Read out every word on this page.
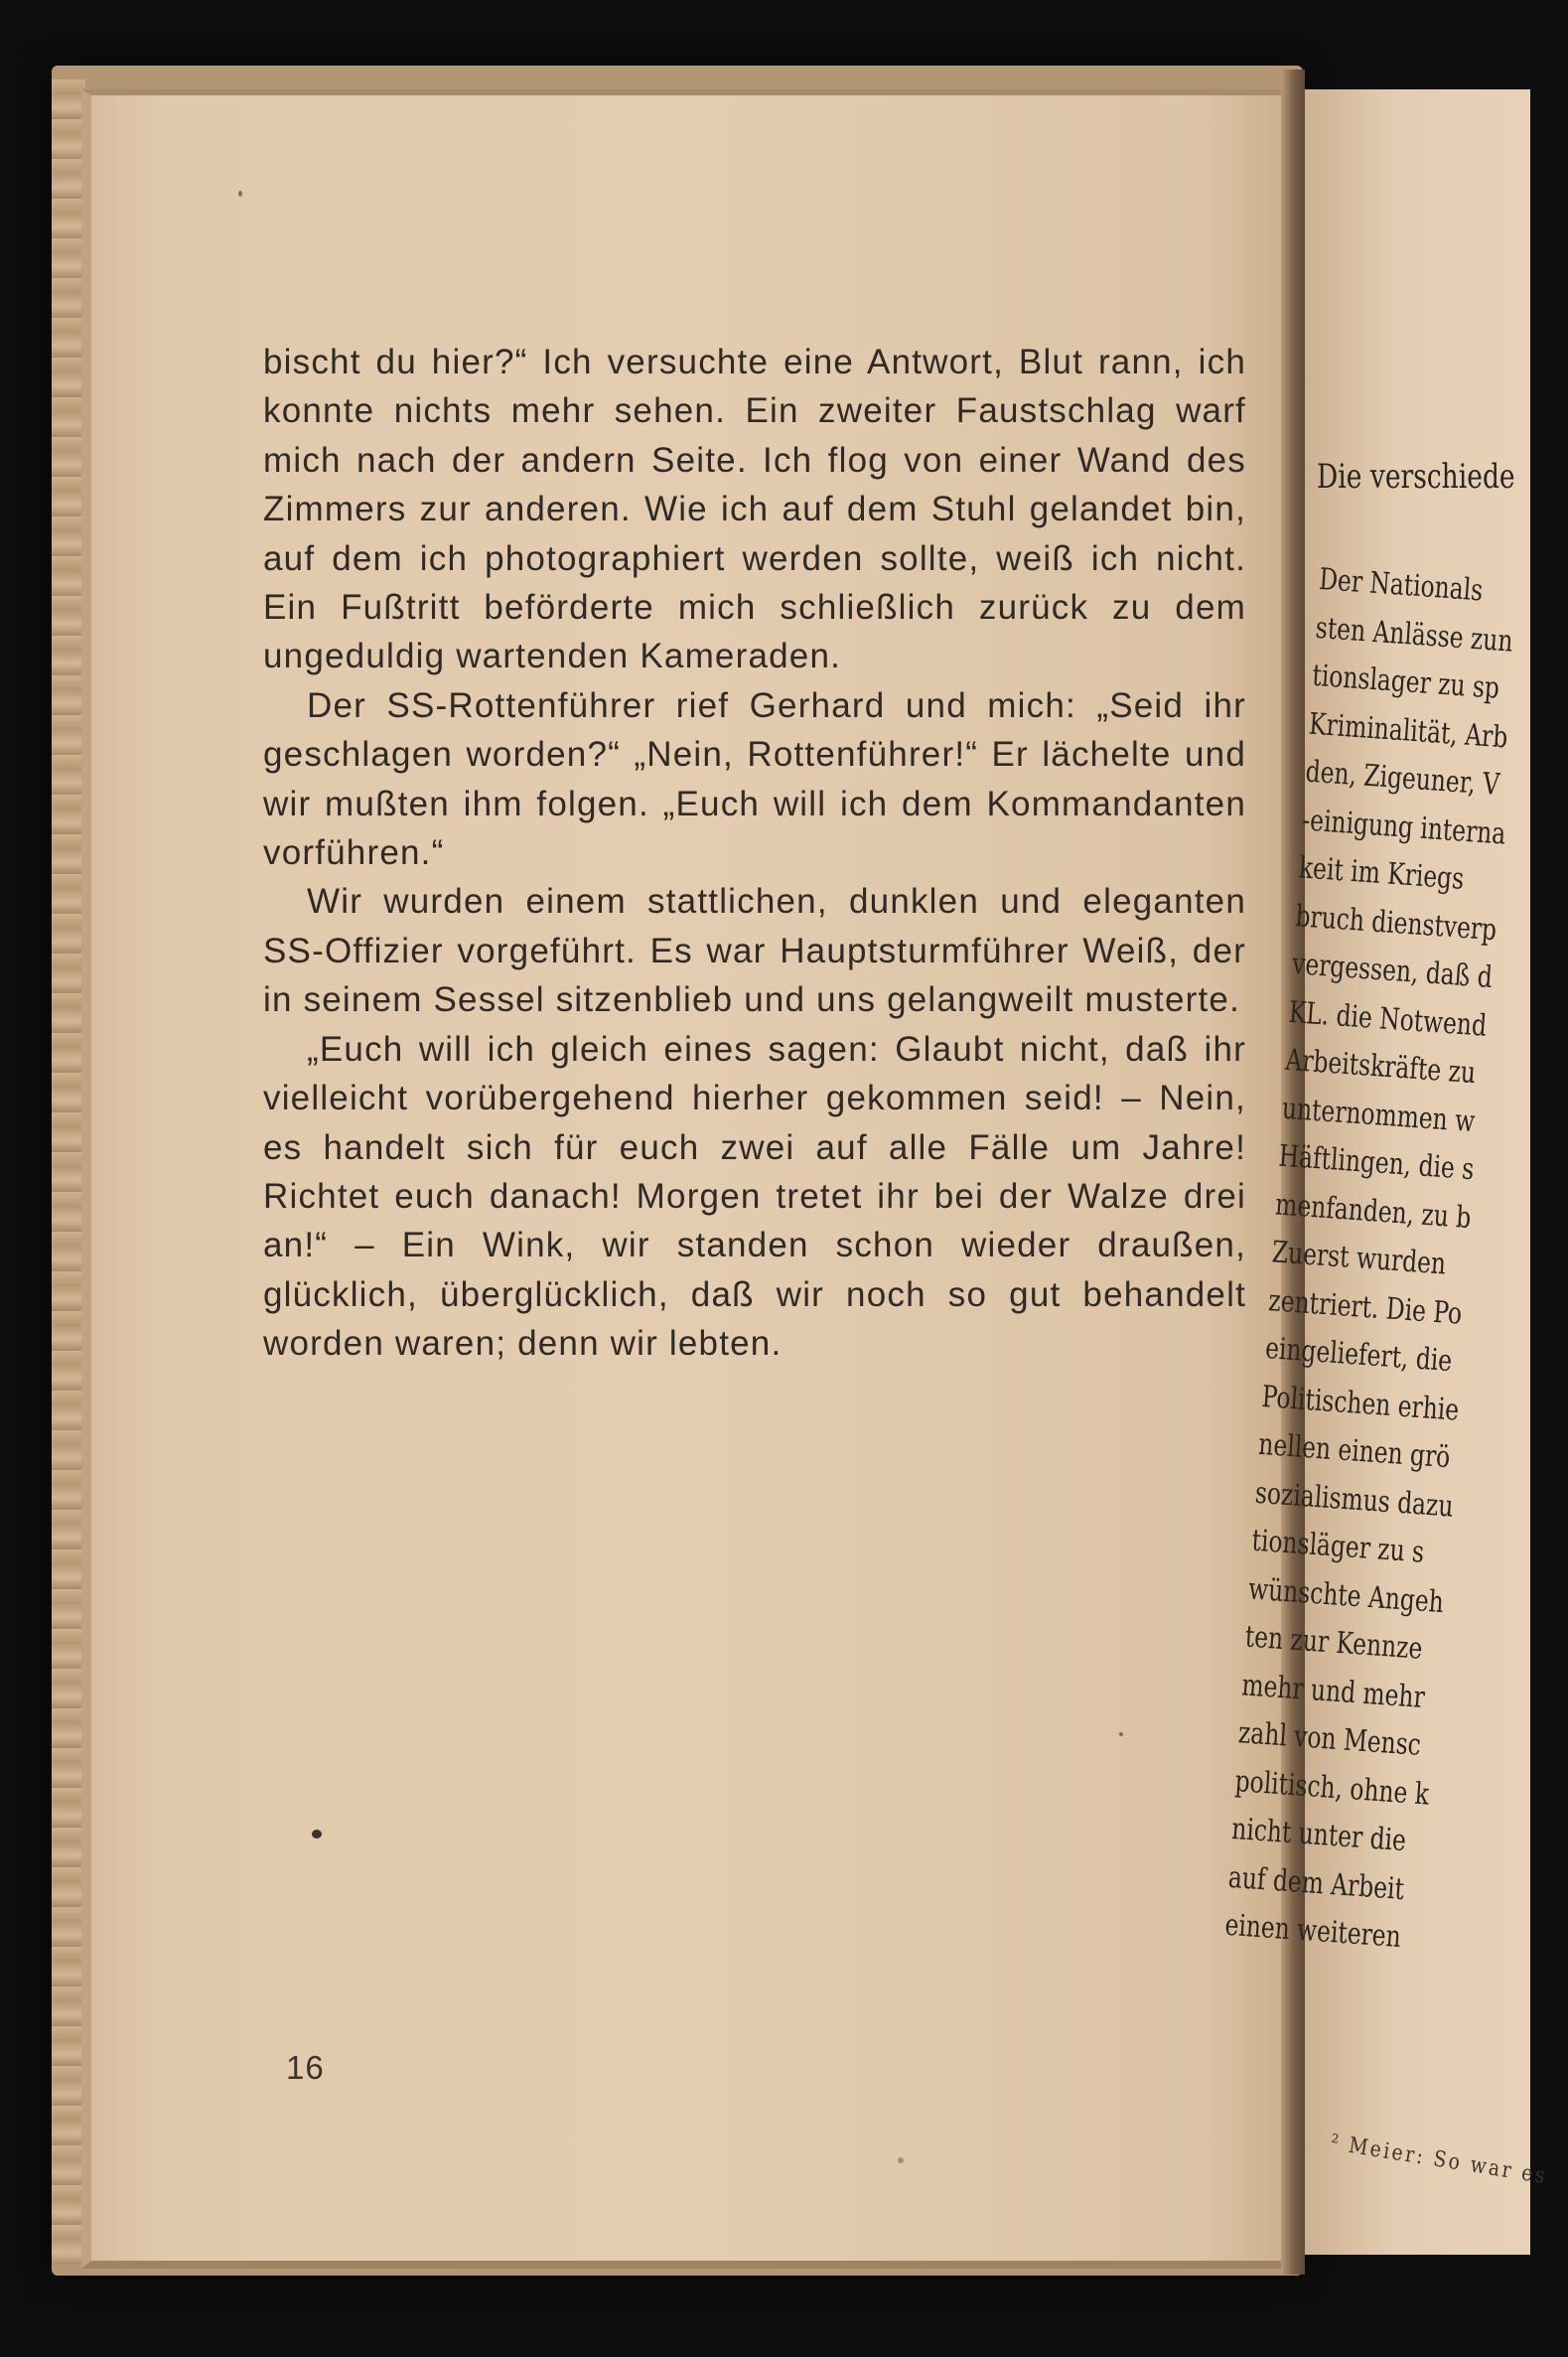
Die verschiede
Der Nationals
sten Anlässe zun
tionslager zu sp
Kriminalität, Arb
den, Zigeuner, V
-einigung interna
keit im Kriegs
bruch dienstverp
vergessen, daß d
KL. die Notwend
Arbeitskräfte zu
unternommen w
Häftlingen, die s
menfanden, zu b
Zuerst wurden
zentriert. Die Po
eingeliefert, die
Politischen erhie
nellen einen grö
sozialismus dazu
tionsläger zu s
wünschte Angeh
ten zur Kennze
mehr und mehr
zahl von Mensc
politisch, ohne k
nicht unter die
auf dem Arbeit
einen weiteren
² Meier: So war es

bischt du hier?“ Ich versuchte eine Antwort, Blut rann, ich konnte nichts mehr sehen. Ein zweiter Faustschlag warf mich nach der andern Seite. Ich flog von einer Wand des Zimmers zur anderen. Wie ich auf dem Stuhl gelandet bin, auf dem ich photographiert werden sollte, weiß ich nicht. Ein Fußtritt beförderte mich schließlich zurück zu dem ungeduldig wartenden Kameraden.

Der SS-Rottenführer rief Gerhard und mich: „Seid ihr geschlagen worden?“ „Nein, Rottenführer!“ Er lächelte und wir mußten ihm folgen. „Euch will ich dem Kommandanten vorführen.“

Wir wurden einem stattlichen, dunklen und eleganten SS-Offizier vorgeführt. Es war Hauptsturmführer Weiß, der in seinem Sessel sitzenblieb und uns gelangweilt musterte.

„Euch will ich gleich eines sagen: Glaubt nicht, daß ihr vielleicht vorübergehend hierher gekommen seid! – Nein, es handelt sich für euch zwei auf alle Fälle um Jahre! Richtet euch danach! Morgen tretet ihr bei der Walze drei an!“ – Ein Wink, wir standen schon wieder draußen, glücklich, überglücklich, daß wir noch so gut behandelt worden waren; denn wir lebten.

16
